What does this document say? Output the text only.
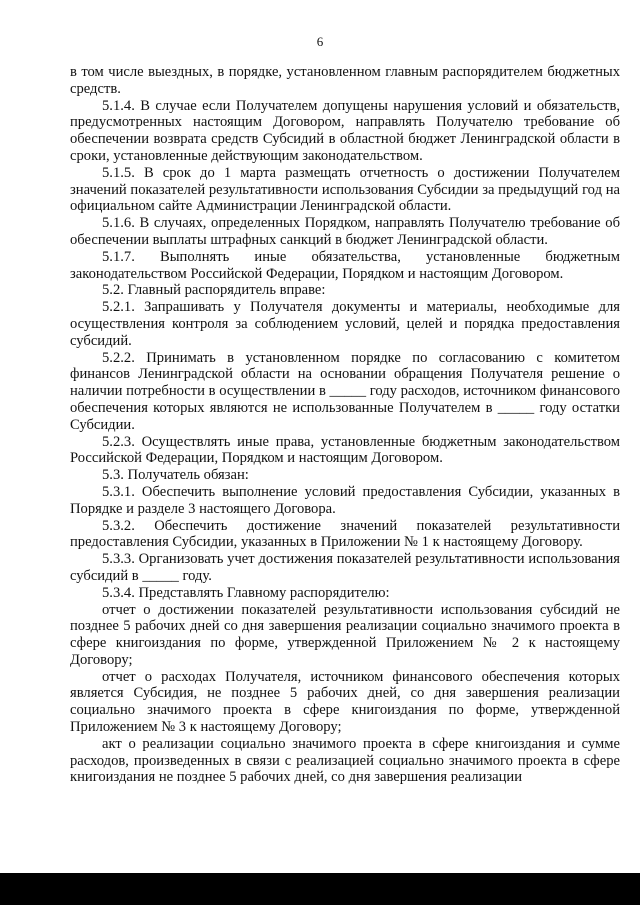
6

в том числе выездных, в порядке, установленном главным распорядителем бюджетных средств.

5.1.4. В случае если Получателем допущены нарушения условий и обязательств, предусмотренных настоящим Договором, направлять Получателю требование об обеспечении возврата средств Субсидий в областной бюджет Ленинградской области в сроки, установленные действующим законодательством.

5.1.5. В срок до 1 марта размещать отчетность о достижении Получателем значений показателей результативности использования Субсидии за предыдущий год на официальном сайте Администрации Ленинградской области.

5.1.6. В случаях, определенных Порядком, направлять Получателю требование об обеспечении выплаты штрафных санкций в бюджет Ленинградской области.

5.1.7. Выполнять иные обязательства, установленные бюджетным законодательством Российской Федерации, Порядком и настоящим Договором.

5.2. Главный распорядитель вправе:

5.2.1. Запрашивать у Получателя документы и материалы, необходимые для осуществления контроля за соблюдением условий, целей и порядка предоставления субсидий.

5.2.2. Принимать в установленном порядке по согласованию с комитетом финансов Ленинградской области на основании обращения Получателя решение о наличии потребности в осуществлении в _____ году расходов, источником финансового обеспечения которых являются не использованные Получателем в _____ году остатки Субсидии.

5.2.3. Осуществлять иные права, установленные бюджетным законодательством Российской Федерации, Порядком и настоящим Договором.

5.3. Получатель обязан:

5.3.1. Обеспечить выполнение условий предоставления Субсидии, указанных в Порядке и разделе 3 настоящего Договора.

5.3.2. Обеспечить достижение значений показателей результативности предоставления Субсидии, указанных в Приложении № 1 к настоящему Договору.

5.3.3. Организовать учет достижения показателей результативности использования субсидий в _____ году.

5.3.4. Представлять Главному распорядителю:

отчет о достижении показателей результативности использования субсидий не позднее 5 рабочих дней со дня завершения реализации социально значимого проекта в сфере книгоиздания по форме, утвержденной Приложением № 2 к настоящему Договору;

отчет о расходах Получателя, источником финансового обеспечения которых является Субсидия, не позднее 5 рабочих дней, со дня завершения реализации социально значимого проекта в сфере книгоиздания по форме, утвержденной Приложением № 3 к настоящему Договору;

акт о реализации социально значимого проекта в сфере книгоиздания и сумме расходов, произведенных в связи с реализацией социально значимого проекта в сфере книгоиздания не позднее 5 рабочих дней, со дня завершения реализации
